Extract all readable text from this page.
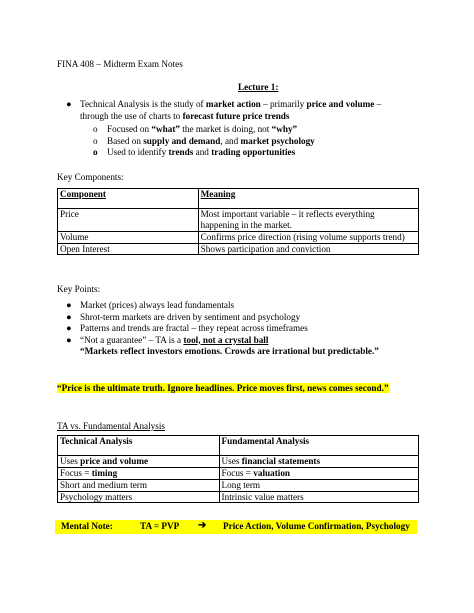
FINA 408 – Midterm Exam Notes
Lecture 1:
● Technical Analysis is the study of market action – primarily price and volume –
through the use of charts to forecast future price trends
o Focused on “what” the market is doing, not “why”
o Based on supply and demand, and market psychology
o Used to identify trends and trading opportunities
Key Components:
Component	Meaning
Price	Most important variable – it reflects everything
happening in the market.

Volume	Confirms price direction (rising volume supports trend)
Open Interest	Shows participation and conviction
Key Points:
● Market (prices) always lead fundamentals
● Shrot-term markets are driven by sentiment and psychology
● Patterns and trends are fractal – they repeat across timeframes
● “Not a guarantee” – TA is a tool, not a crystal ball
“Markets reflect investors emotions. Crowds are irrational but predictable.”
“Price is the ultimate truth. Ignore headlines. Price moves first, news comes second.”
TA vs. Fundamental Analysis
Technical Analysis	Fundamental Analysis
Uses price and volume	Uses financial statements
Focus = timing	Focus = valuation
Short and medium term	Long term
Psychology matters	Intrinsic value matters
Mental Note:	TA = PVP ➔ Price Action, Volume Confirmation, Psychology
